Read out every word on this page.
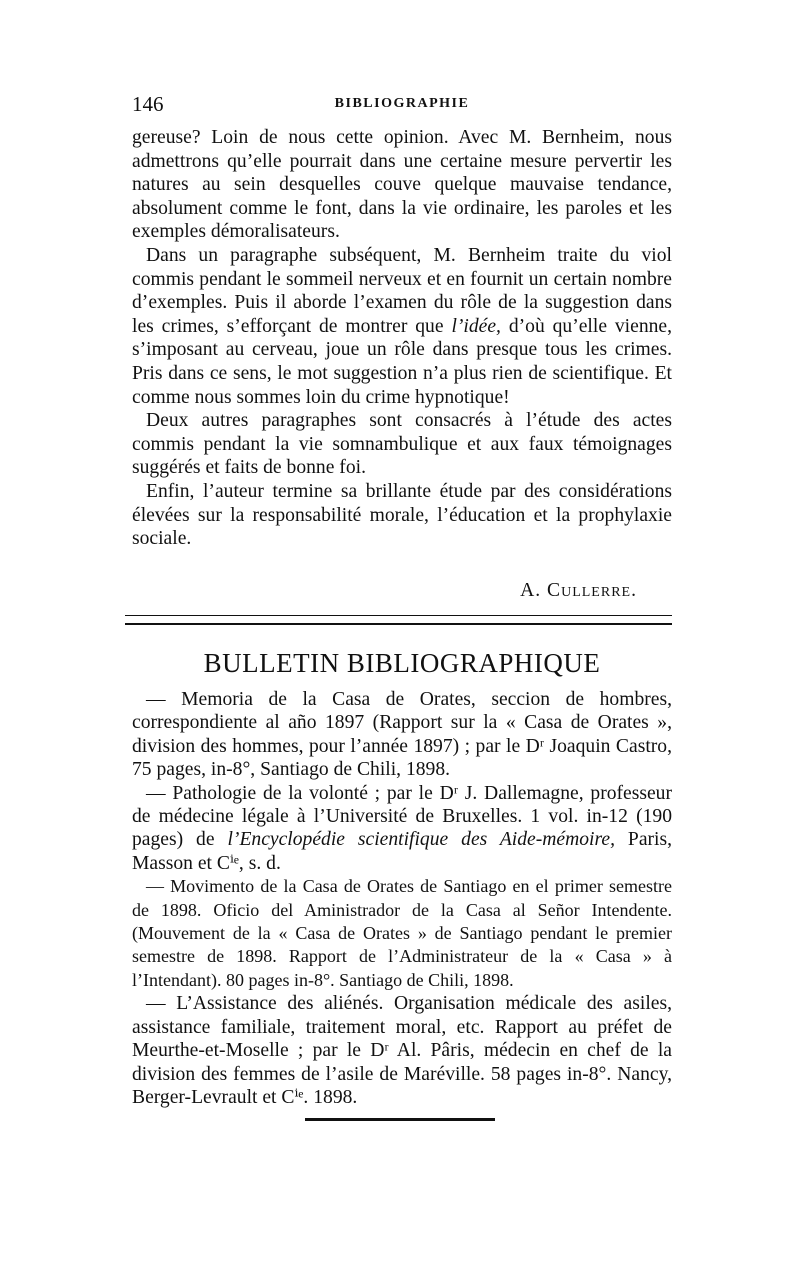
146	BIBLIOGRAPHIE

gereuse? Loin de nous cette opinion. Avec M. Bernheim, nous admettrons qu’elle pourrait dans une certaine mesure pervertir les natures au sein desquelles couve quelque mauvaise tendance, absolument comme le font, dans la vie ordinaire, les paroles et les exemples démoralisateurs.

Dans un paragraphe subséquent, M. Bernheim traite du viol commis pendant le sommeil nerveux et en fournit un certain nombre d’exemples. Puis il aborde l’examen du rôle de la suggestion dans les crimes, s’efforçant de montrer que l’idée, d’où qu’elle vienne, s’imposant au cerveau, joue un rôle dans presque tous les crimes. Pris dans ce sens, le mot suggestion n’a plus rien de scientifique. Et comme nous sommes loin du crime hypnotique!

Deux autres paragraphes sont consacrés à l’étude des actes commis pendant la vie somnambulique et aux faux témoignages suggérés et faits de bonne foi.

Enfin, l’auteur termine sa brillante étude par des considérations élevées sur la responsabilité morale, l’éducation et la prophylaxie sociale.

A. Cullerre.
BULLETIN BIBLIOGRAPHIQUE

— Memoria de la Casa de Orates, seccion de hombres, correspondiente al año 1897 (Rapport sur la « Casa de Orates », division des hommes, pour l’année 1897) ; par le Dʳ Joaquin Castro, 75 pages, in-8°, Santiago de Chili, 1898.

— Pathologie de la volonté ; par le Dʳ J. Dallemagne, professeur de médecine légale à l’Université de Bruxelles. 1 vol. in-12 (190 pages) de l’Encyclopédie scientifique des Aide-mémoire, Paris, Masson et Cⁱᵉ, s. d.

— Movimento de la Casa de Orates de Santiago en el primer semestre de 1898. Oficio del Aministrador de la Casa al Señor Intendente. (Mouvement de la « Casa de Orates » de Santiago pendant le premier semestre de 1898. Rapport de l’Administrateur de la « Casa » à l’Intendant). 80 pages in-8°. Santiago de Chili, 1898.

— L’Assistance des aliénés. Organisation médicale des asiles, assistance familiale, traitement moral, etc. Rapport au préfet de Meurthe-et-Moselle ; par le Dʳ Al. Pâris, médecin en chef de la division des femmes de l’asile de Maréville. 58 pages in-8°. Nancy, Berger-Levrault et Cⁱᵉ. 1898.
